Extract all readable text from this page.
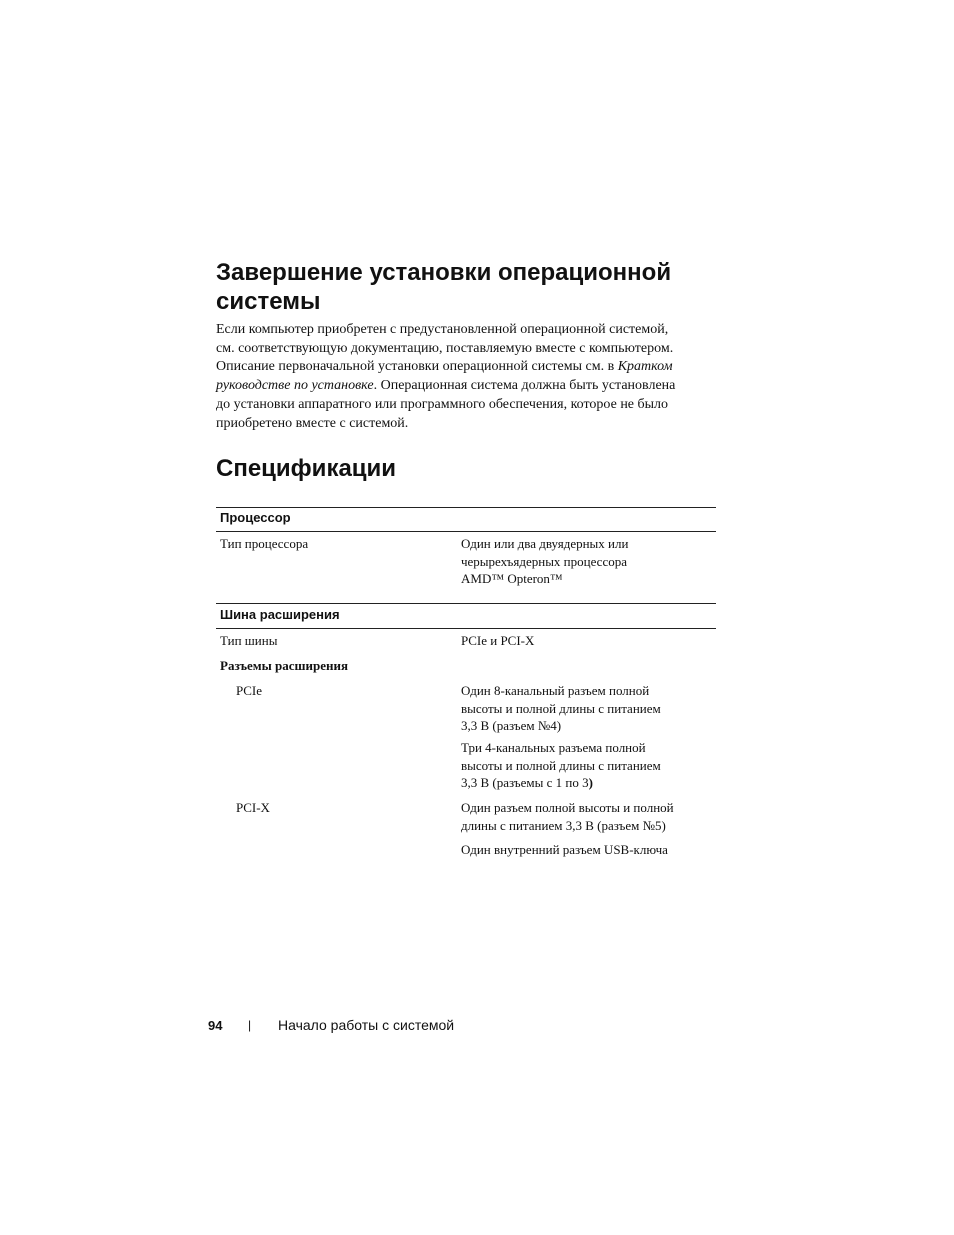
Завершение установки операционной
системы

Если компьютер приобретен с предустановленной операционной системой,
см. соответствующую документацию, поставляемую вместе с компьютером.
Описание первоначальной установки операционной системы см. в Кратком
руководстве по установке. Операционная система должна быть установлена
до установки аппаратного или программного обеспечения, которое не было
приобретено вместе с системой.

Спецификации
Процессор
Тип процессора	Один или два двуядерных или
черырехъядерных процессора
AMD™ Opteron™
Шина расширения
Тип шины	PCIe и PCI-X
Разъемы расширения
PCIe	Один 8-канальный разъем полной
высоты и полной длины с питанием
3,3 В (разъем №4)
Три 4-канальных разъема полной
высоты и полной длины с питанием
3,3 В (разъемы с 1 по 3)
PCI-X	Один разъем полной высоты и полной
длины с питанием 3,3 В (разъем №5)
Один внутренний разъем USB-ключа
94 | Начало работы с системой
